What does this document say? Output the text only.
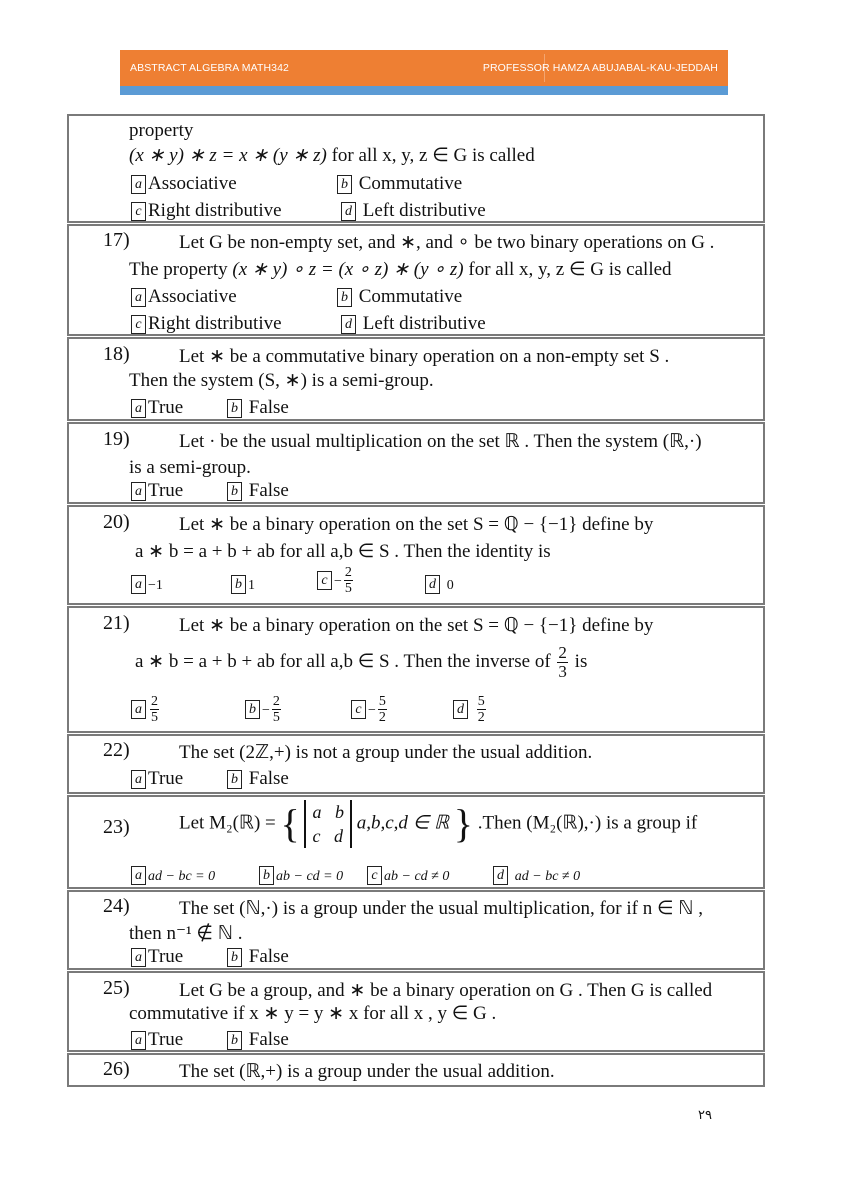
ABSTRACT ALGEBRA MATH342	PROFESSOR HAMZA ABUJABAL-KAU-JEDDAH
property
(x ∗ y) ∗ z = x ∗ (y ∗ z) for all x, y, z ∈ G is called
a Associative	b Commutative
c Right distributive	d Left distributive
17)	Let G be non-empty set, and ∗, and ∘ be two binary operations on G .
The property (x ∗ y) ∘ z = (x ∘ z) ∗ (y ∘ z) for all x, y, z ∈ G is called
a Associative	b Commutative
c Right distributive	d Left distributive
18)	Let ∗ be a commutative binary operation on a non-empty set S .
Then the system (S, ∗) is a semi-group.
a True	b False
19)	Let · be the usual multiplication on the set ℝ . Then the system (ℝ,·)
is a semi-group.
a True	b False
20)	Let ∗ be a binary operation on the set S = ℚ − {−1} define by
a ∗ b = a + b + ab for all a,b ∈ S . Then the identity is
a −1	b 1	$c - \frac{2}{5}$	d 0
21)	Let ∗ be a binary operation on the set S = ℚ − {−1} define by
a ∗ b = a + b + ab for all a,b ∈ S . Then the inverse of $\frac{2}{3}$ is
a $\frac{2}{5}$	$b - \frac{2}{5}$	$c - \frac{5}{2}$	d $\frac{5}{2}$
22)	The set (2ℤ,+) is not a group under the usual addition.
a True	b False
23)	Let M₂(ℝ) = { a b
c d a,b,c,d ∈ ℝ } .Then (M₂(ℝ),·) is a group if
a ad − bc = 0	b ab − cd = 0	c ab − cd ≠ 0	d ad − bc ≠ 0
24)	The set (ℕ,·) is a group under the usual multiplication, for if n ∈ ℕ ,
then n⁻¹ ∉ ℕ .
a True	b False
25)	Let G be a group, and ∗ be a binary operation on G . Then G is called
commutative if x ∗ y = y ∗ x for all x , y ∈ G .
a True	b False
26)	The set (ℝ,+) is a group under the usual addition.
٢٩
